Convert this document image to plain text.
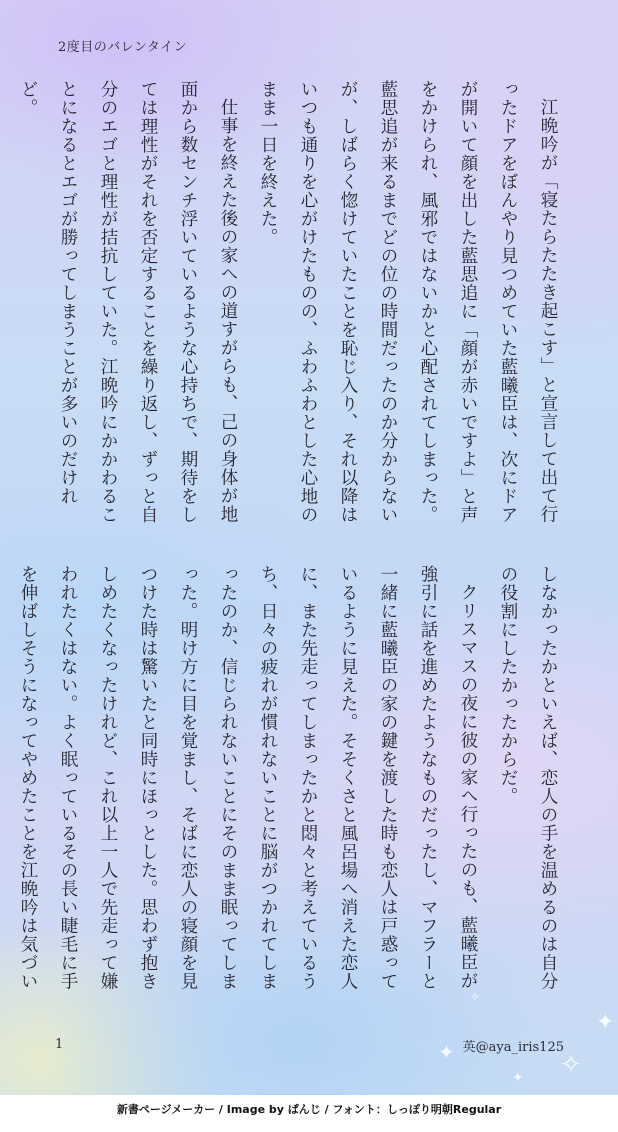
2度目のバレンタイン

江晩吟が「寝たらたたき起こす」と宣言して出て行ったドアをぼんやり見つめていた藍曦臣は、次にドアが開いて顔を出した藍思追に「顔が赤いですよ」と声をかけられ、風邪ではないかと心配されてしまった。藍思追が来るまでどの位の時間だったのか分からないが、しばらく惚けていたことを恥じ入り、それ以降はいつも通りを心がけたものの、ふわふわとした心地のまま一日を終えた。

仕事を終えた後の家への道すがらも、己の身体が地面から数センチ浮いているような心持ちで、期待をしては理性がそれを否定することを繰り返し、ずっと自分のエゴと理性が拮抗していた。江晩吟にかかわることになるとエゴが勝ってしまうことが多いのだけれど。

しなかったかといえば、恋人の手を温めるのは自分の役割にしたかったからだ。

クリスマスの夜に彼の家へ行ったのも、藍曦臣が強引に話を進めたようなものだったし、マフラーと一緒に藍曦臣の家の鍵を渡した時も恋人は戸惑っているように見えた。そそくさと風呂場へ消えた恋人に、また先走ってしまったかと悶々と考えているうち、日々の疲れが慣れないことに脳がつかれてしまったのか、信じられないことにそのまま眠ってしまった。明け方に目を覚まし、そばに恋人の寝顔を見つけた時は驚いたと同時にほっとした。思わず抱きしめたくなったけれど、これ以上一人で先走って嫌われたくはない。よく眠っているその長い睫毛に手を伸ばしそうになってやめたことを江晩吟は気づい

✦
✧
✦
✦
✧
1	英@aya_iris125
新書ページメーカー / Image by ぱんじ / フォント：しっぽり明朝Regular
